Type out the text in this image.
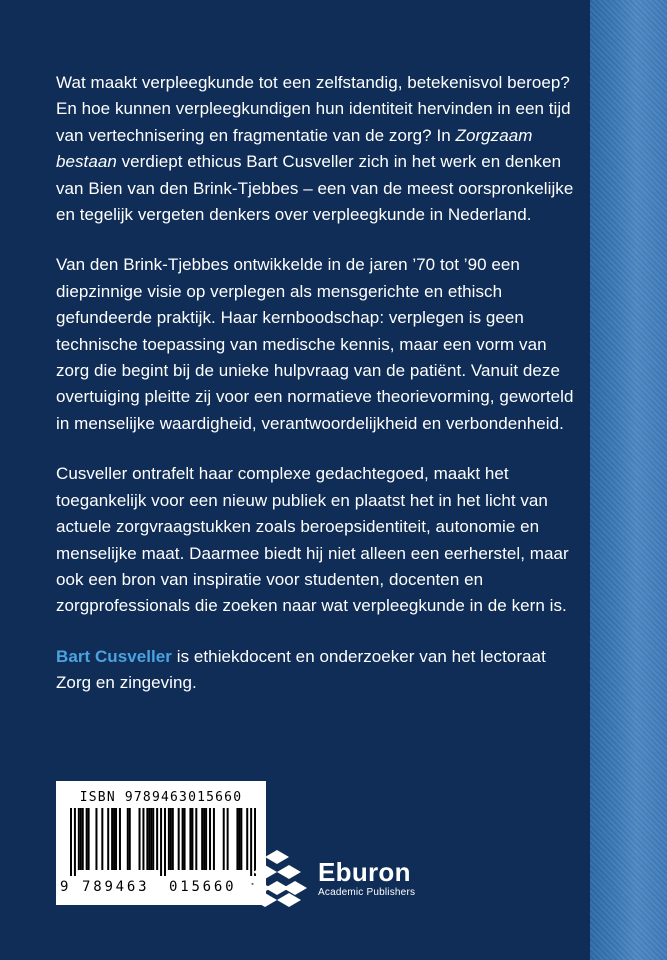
Wat maakt verpleegkunde tot een zelfstandig, betekenisvol beroep? En hoe kunnen verpleegkundigen hun identiteit hervinden in een tijd van vertechnisering en fragmentatie van de zorg? In Zorgzaam bestaan verdiept ethicus Bart Cusveller zich in het werk en denken van Bien van den Brink-Tjebbes – een van de meest oorspronkelijke en tegelijk vergeten denkers over verpleegkunde in Nederland.

Van den Brink-Tjebbes ontwikkelde in de jaren ’70 tot ’90 een diepzinnige visie op verplegen als mensgerichte en ethisch gefundeerde praktijk. Haar kernboodschap: verplegen is geen technische toepassing van medische kennis, maar een vorm van zorg die begint bij de unieke hulpvraag van de patiënt. Vanuit deze overtuiging pleitte zij voor een normatieve theorievorming, geworteld in menselijke waardigheid, verantwoordelijkheid en verbondenheid.

Cusveller ontrafelt haar complexe gedachtegoed, maakt het toegankelijk voor een nieuw publiek en plaatst het in het licht van actuele zorgvraagstukken zoals beroepsidentiteit, autonomie en menselijke maat. Daarmee biedt hij niet alleen een eerherstel, maar ook een bron van inspiratie voor studenten, docenten en zorgprofessionals die zoeken naar wat verpleegkunde in de kern is.

Bart Cusveller is ethiekdocent en onderzoeker van het lectoraat Zorg en zingeving.

ISBN 9789463015660
9 789463 015660	Eburon
Academic Publishers
